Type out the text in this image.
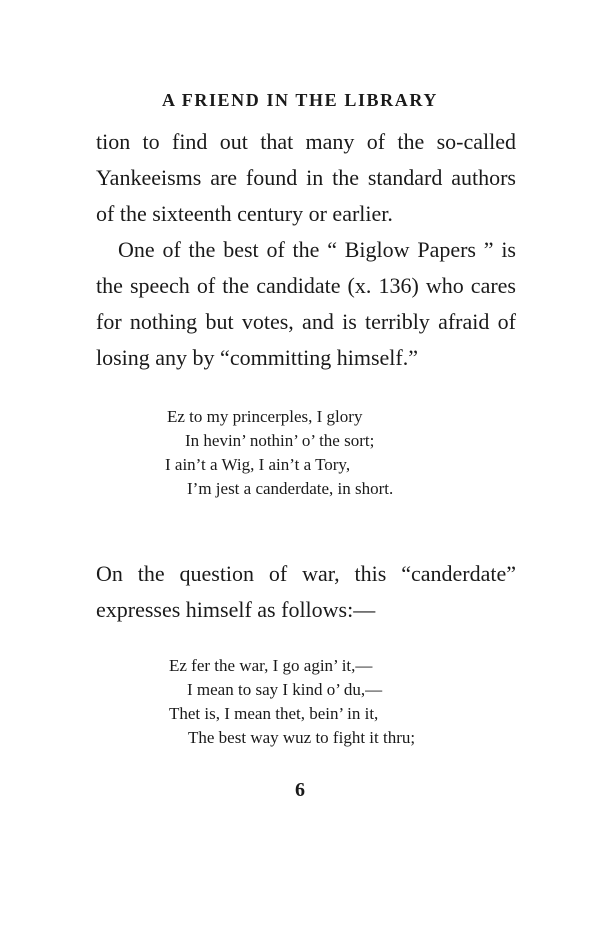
A FRIEND IN THE LIBRARY
tion to find out that many of the so-called
Yankeeisms are found in the standard authors
of the sixteenth century or earlier.
One of the best of the “ Biglow Papers ” is
the speech of the candidate (x. 136) who cares
for nothing but votes, and is terribly afraid of
losing any by “committing himself.”
Ez to my princerples, I glory
In hevin’ nothin’ o’ the sort;
I ain’t a Wig, I ain’t a Tory,
I’m jest a canderdate, in short.
On the question of war, this “canderdate”
expresses himself as follows:—
Ez fer the war, I go agin’ it,—
I mean to say I kind o’ du,—
Thet is, I mean thet, bein’ in it,
The best way wuz to fight it thru;
6
